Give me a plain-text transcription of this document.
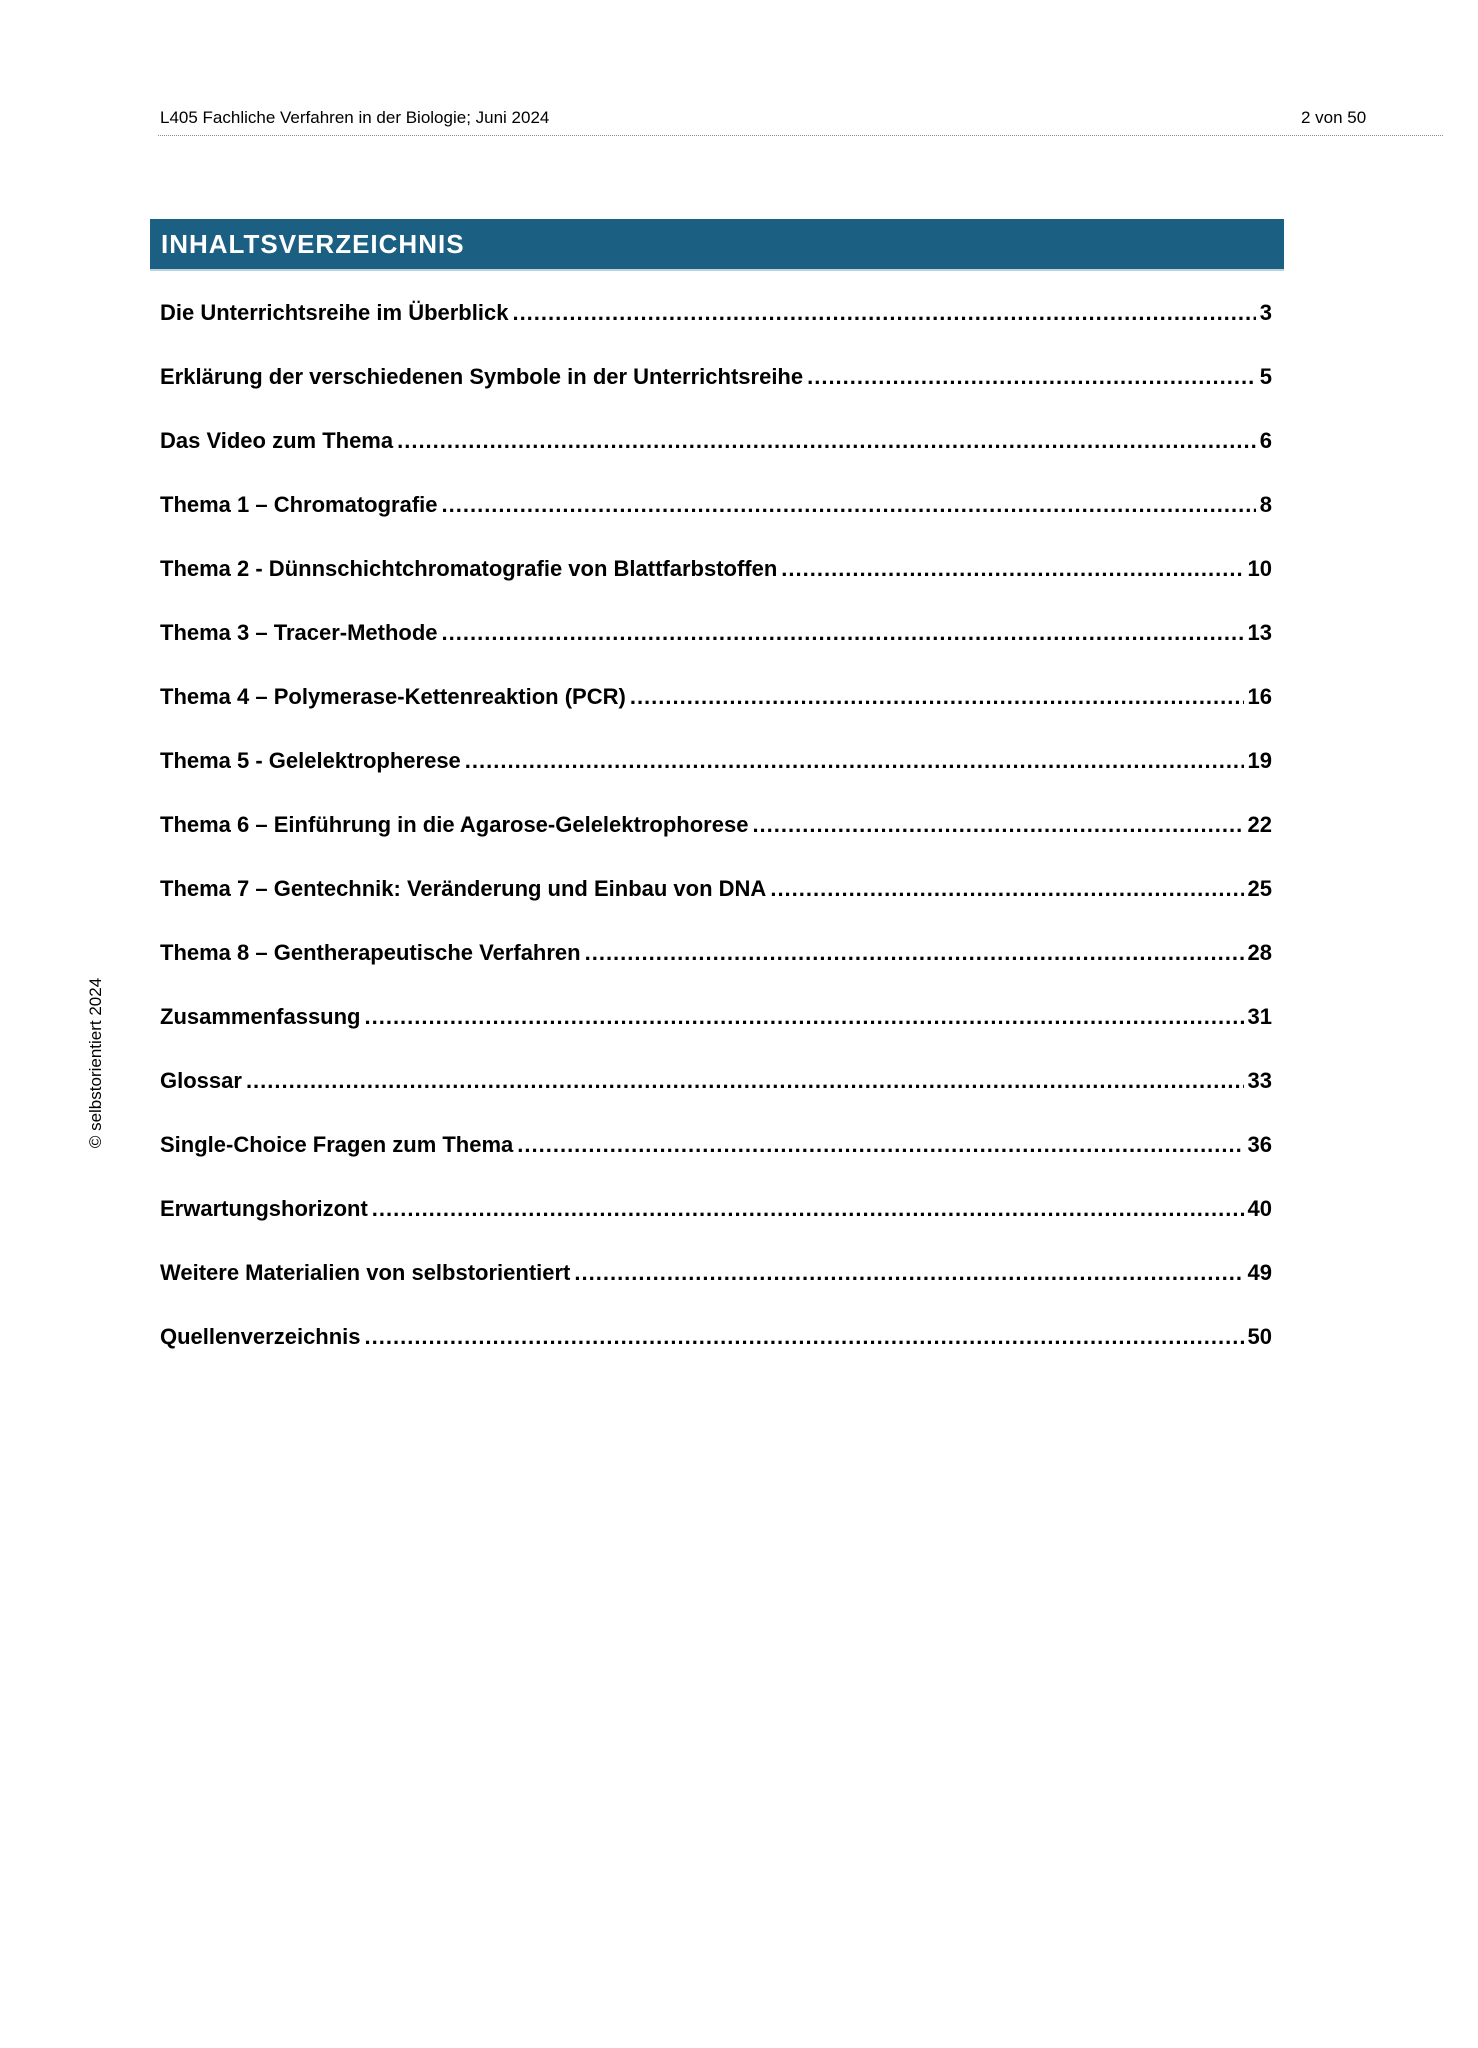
L405 Fachliche Verfahren in der Biologie; Juni 2024	2 von 50
© selbstorientiert 2024
INHALTSVERZEICHNIS
Die Unterrichtsreihe im Überblick .....	3
Erklärung der verschiedenen Symbole in der Unterrichtsreihe .....	5
Das Video zum Thema .....	6
Thema 1 – Chromatografie .....	8
Thema 2 - Dünnschichtchromatografie von Blattfarbstoffen .....	10
Thema 3 – Tracer-Methode .....	13
Thema 4 – Polymerase-Kettenreaktion (PCR) .....	16
Thema 5 - Gelelektropherese .....	19
Thema 6 – Einführung in die Agarose-Gelelektrophorese .....	22
Thema 7 – Gentechnik: Veränderung und Einbau von DNA .....	25
Thema 8 – Gentherapeutische Verfahren .....	28
Zusammenfassung .....	31
Glossar .....	33
Single-Choice Fragen zum Thema .....	36
Erwartungshorizont .....	40
Weitere Materialien von selbstorientiert .....	49
Quellenverzeichnis .....	50
